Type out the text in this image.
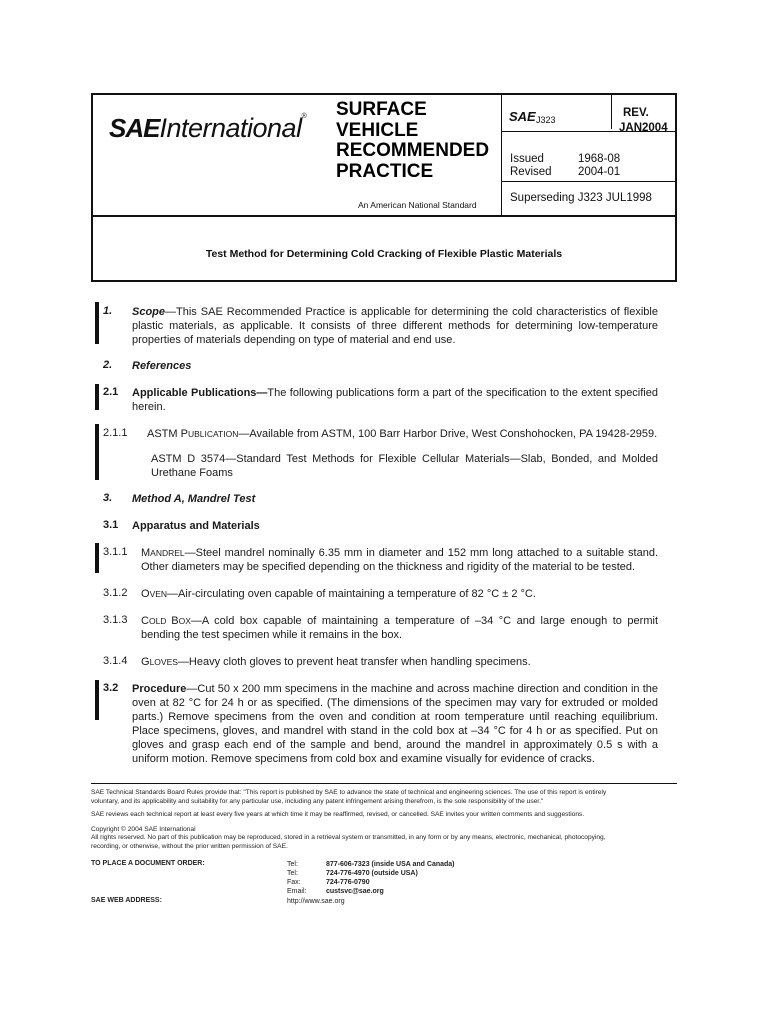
SAEInternational® SURFACE
VEHICLE
RECOMMENDED
PRACTICE
An American National Standard
SAE J323
REV.
JAN2004
Issued	1968-08
Revised 2004-01
Superseding J323 JUL1998
Test Method for Determining Cold Cracking of Flexible Plastic Materials
1. Scope—This SAE Recommended Practice is applicable for determining the cold characteristics of flexible plastic materials, as applicable. It consists of three different methods for determining low-temperature properties of materials depending on type of material and end use.
2. References
2.1 Applicable Publications—The following publications form a part of the specification to the extent specified herein.
2.1.1 ASTM PUBLICATION—Available from ASTM, 100 Barr Harbor Drive, West Conshohocken, PA 19428-2959.
ASTM D 3574—Standard Test Methods for Flexible Cellular Materials—Slab, Bonded, and Molded Urethane Foams
3. Method A, Mandrel Test
3.1 Apparatus and Materials
3.1.1 MANDREL—Steel mandrel nominally 6.35 mm in diameter and 152 mm long attached to a suitable stand. Other diameters may be specified depending on the thickness and rigidity of the material to be tested.
3.1.2 OVEN—Air-circulating oven capable of maintaining a temperature of 82 °C ± 2 °C.
3.1.3 COLD BOX—A cold box capable of maintaining a temperature of –34 °C and large enough to permit bending the test specimen while it remains in the box.
3.1.4 GLOVES—Heavy cloth gloves to prevent heat transfer when handling specimens.
3.2 Procedure—Cut 50 x 200 mm specimens in the machine and across machine direction and condition in the oven at 82 °C for 24 h or as specified. (The dimensions of the specimen may vary for extruded or molded parts.) Remove specimens from the oven and condition at room temperature until reaching equilibrium. Place specimens, gloves, and mandrel with stand in the cold box at –34 °C for 4 h or as specified. Put on gloves and grasp each end of the sample and bend, around the mandrel in approximately 0.5 s with a uniform motion. Remove specimens from cold box and examine visually for evidence of cracks.
SAE Technical Standards Board Rules provide that: "This report is published by SAE to advance the state of technical and engineering sciences. The use of this report is entirely
voluntary, and its applicability and suitability for any particular use, including any patent infringement arising therefrom, is the sole responsibility of the user."
SAE reviews each technical report at least every five years at which time it may be reaffirmed, revised, or cancelled. SAE invites your written comments and suggestions.
Copyright © 2004 SAE International
All rights reserved. No part of this publication may be reproduced, stored in a retrieval system or transmitted, in any form or by any means, electronic, mechanical, photocopying,
recording, or otherwise, without the prior written permission of SAE.
TO PLACE A DOCUMENT ORDER:
SAE WEB ADDRESS:
Tel:
Tel:
Fax:
Email:
877-606-7323 (inside USA and Canada)
724-776-4970 (outside USA)
724-776-0790
custsvc@sae.org
http://www.sae.org
